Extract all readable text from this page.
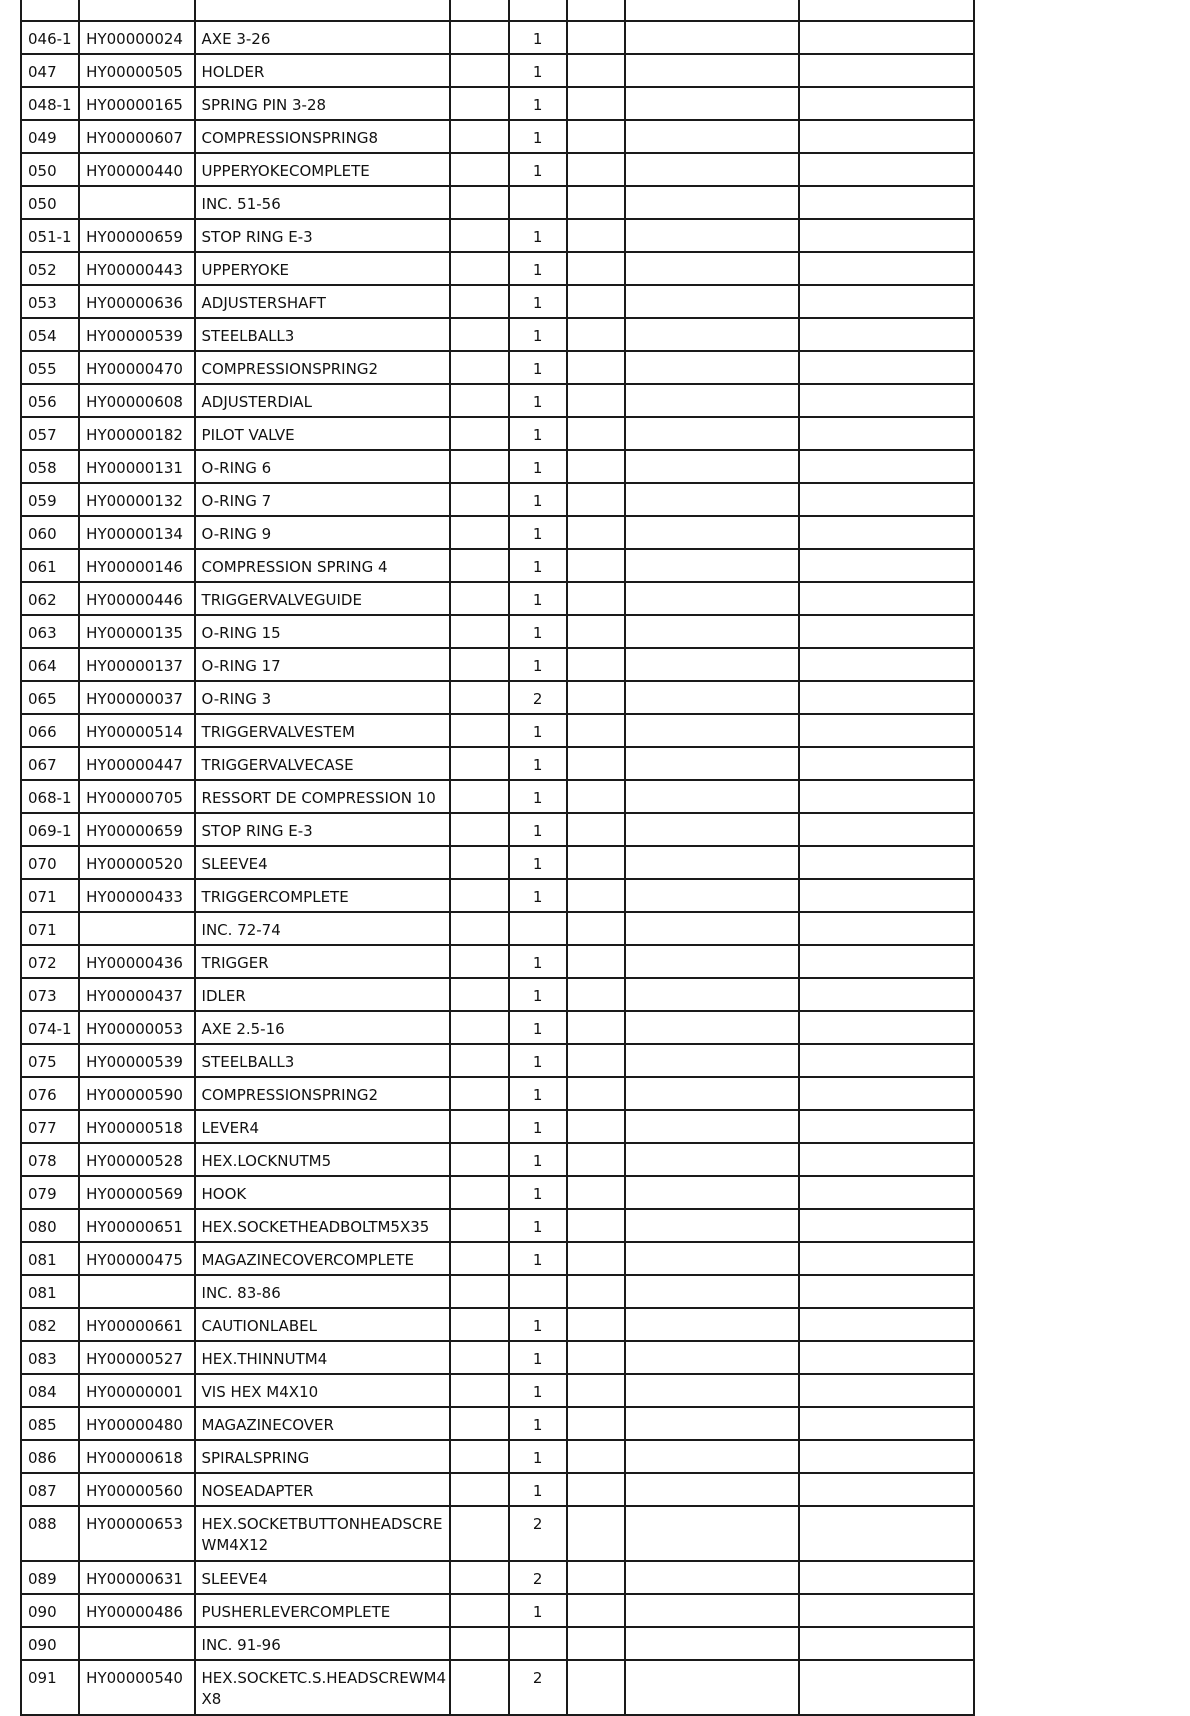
046-1	HY00000024	AXE 3-26		1			
047	HY00000505	HOLDER		1			
048-1	HY00000165	SPRING PIN 3-28		1			
049	HY00000607	COMPRESSIONSPRING8		1			
050	HY00000440	UPPERYOKECOMPLETE		1			
050		INC. 51-56					
051-1	HY00000659	STOP RING E-3		1			
052	HY00000443	UPPERYOKE		1			
053	HY00000636	ADJUSTERSHAFT		1			
054	HY00000539	STEELBALL3		1			
055	HY00000470	COMPRESSIONSPRING2		1			
056	HY00000608	ADJUSTERDIAL		1			
057	HY00000182	PILOT VALVE		1			
058	HY00000131	O-RING 6		1			
059	HY00000132	O-RING 7		1			
060	HY00000134	O-RING 9		1			
061	HY00000146	COMPRESSION SPRING 4		1			
062	HY00000446	TRIGGERVALVEGUIDE		1			
063	HY00000135	O-RING 15		1			
064	HY00000137	O-RING 17		1			
065	HY00000037	O-RING 3		2			
066	HY00000514	TRIGGERVALVESTEM		1			
067	HY00000447	TRIGGERVALVECASE		1			
068-1	HY00000705	RESSORT DE COMPRESSION 10		1			
069-1	HY00000659	STOP RING E-3		1			
070	HY00000520	SLEEVE4		1			
071	HY00000433	TRIGGERCOMPLETE		1			
071		INC. 72-74					
072	HY00000436	TRIGGER		1			
073	HY00000437	IDLER		1			
074-1	HY00000053	AXE 2.5-16		1			
075	HY00000539	STEELBALL3		1			
076	HY00000590	COMPRESSIONSPRING2		1			
077	HY00000518	LEVER4		1			
078	HY00000528	HEX.LOCKNUTM5		1			
079	HY00000569	HOOK		1			
080	HY00000651	HEX.SOCKETHEADBOLTM5X35		1			
081	HY00000475	MAGAZINECOVERCOMPLETE		1			
081		INC. 83-86					
082	HY00000661	CAUTIONLABEL		1			
083	HY00000527	HEX.THINNUTM4		1			
084	HY00000001	VIS HEX M4X10		1			
085	HY00000480	MAGAZINECOVER		1			
086	HY00000618	SPIRALSPRING		1			
087	HY00000560	NOSEADAPTER		1			
088	HY00000653	HEX.SOCKETBUTTONHEADSCRE WM4X12		2			
089	HY00000631	SLEEVE4		2			
090	HY00000486	PUSHERLEVERCOMPLETE		1			
090		INC. 91-96					
091	HY00000540	HEX.SOCKETC.S.HEADSCREWM4 X8		2			
